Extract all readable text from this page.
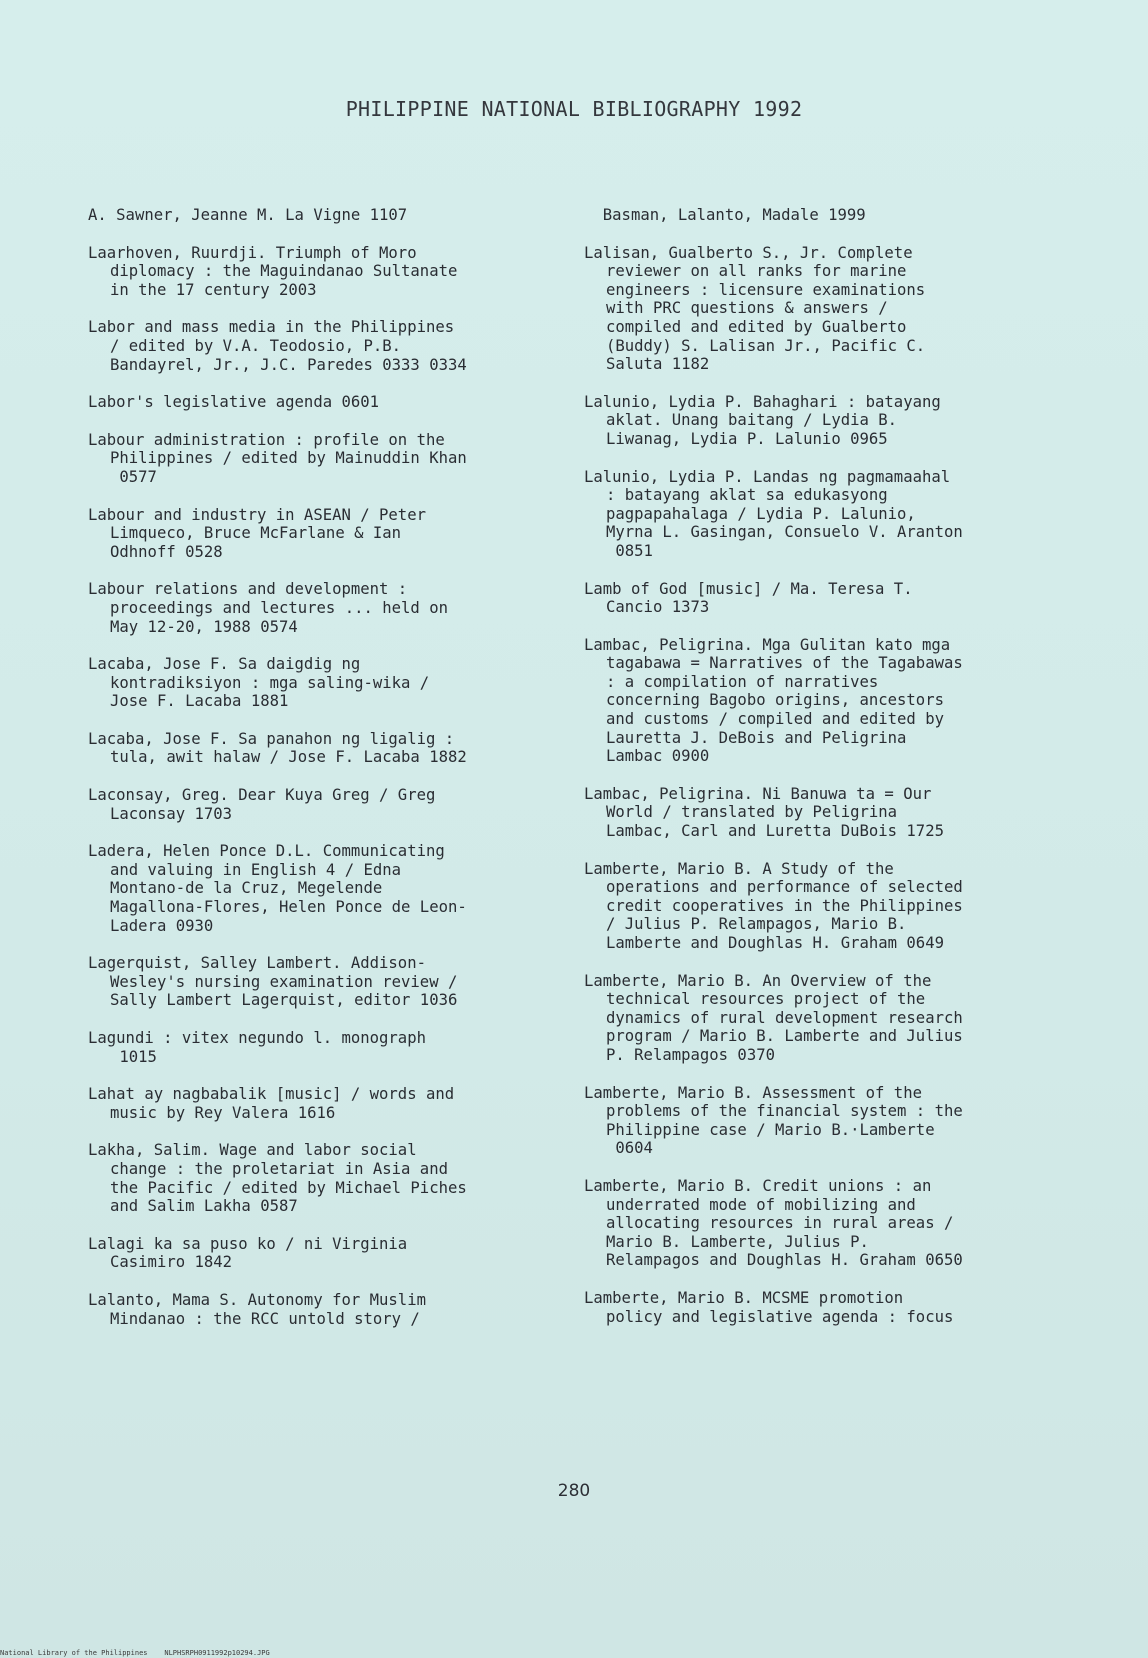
PHILIPPINE NATIONAL BIBLIOGRAPHY 1992
A. Sawner, Jeanne M. La Vigne 1107
Laarhoven, Ruurdji. Triumph of Moro
diplomacy : the Maguindanao Sultanate
in the 17 century 2003
Labor and mass media in the Philippines
/ edited by V.A. Teodosio, P.B.
Bandayrel, Jr., J.C. Paredes 0333 0334
Labor's legislative agenda 0601
Labour administration : profile on the
Philippines / edited by Mainuddin Khan
0577
Labour and industry in ASEAN / Peter
Limqueco, Bruce McFarlane & Ian
Odhnoff 0528
Labour relations and development :
proceedings and lectures ... held on
May 12-20, 1988 0574
Lacaba, Jose F. Sa daigdig ng
kontradiksiyon : mga saling-wika /
Jose F. Lacaba 1881
Lacaba, Jose F. Sa panahon ng ligalig :
tula, awit halaw / Jose F. Lacaba 1882
Laconsay, Greg. Dear Kuya Greg / Greg
Laconsay 1703
Ladera, Helen Ponce D.L. Communicating
and valuing in English 4 / Edna
Montano-de la Cruz, Megelende
Magallona-Flores, Helen Ponce de Leon-
Ladera 0930
Lagerquist, Salley Lambert. Addison-
Wesley's nursing examination review /
Sally Lambert Lagerquist, editor 1036
Lagundi : vitex negundo l. monograph
1015
Lahat ay nagbabalik [music] / words and
music by Rey Valera 1616
Lakha, Salim. Wage and labor social
change : the proletariat in Asia and
the Pacific / edited by Michael Piches
and Salim Lakha 0587
Lalagi ka sa puso ko / ni Virginia
Casimiro 1842
Lalanto, Mama S. Autonomy for Muslim
Mindanao : the RCC untold story /
Basman, Lalanto, Madale 1999
Lalisan, Gualberto S., Jr. Complete
reviewer on all ranks for marine
engineers : licensure examinations
with PRC questions & answers /
compiled and edited by Gualberto
(Buddy) S. Lalisan Jr., Pacific C.
Saluta 1182
Lalunio, Lydia P. Bahaghari : batayang
aklat. Unang baitang / Lydia B.
Liwanag, Lydia P. Lalunio 0965
Lalunio, Lydia P. Landas ng pagmamaahal
: batayang aklat sa edukasyong
pagpapahalaga / Lydia P. Lalunio,
Myrna L. Gasingan, Consuelo V. Aranton
0851
Lamb of God [music] / Ma. Teresa T.
Cancio 1373
Lambac, Peligrina. Mga Gulitan kato mga
tagabawa = Narratives of the Tagabawas
: a compilation of narratives
concerning Bagobo origins, ancestors
and customs / compiled and edited by
Lauretta J. DeBois and Peligrina
Lambac 0900
Lambac, Peligrina. Ni Banuwa ta = Our
World / translated by Peligrina
Lambac, Carl and Luretta DuBois 1725
Lamberte, Mario B. A Study of the
operations and performance of selected
credit cooperatives in the Philippines
/ Julius P. Relampagos, Mario B.
Lamberte and Doughlas H. Graham 0649
Lamberte, Mario B. An Overview of the
technical resources project of the
dynamics of rural development research
program / Mario B. Lamberte and Julius
P. Relampagos 0370
Lamberte, Mario B. Assessment of the
problems of the financial system : the
Philippine case / Mario B.·Lamberte
0604
Lamberte, Mario B. Credit unions : an
underrated mode of mobilizing and
allocating resources in rural areas /
Mario B. Lamberte, Julius P.
Relampagos and Doughlas H. Graham 0650
Lamberte, Mario B. MCSME promotion
policy and legislative agenda : focus
280
National Library of the Philippines    NLPHSRPH0911992p10294.JPG
